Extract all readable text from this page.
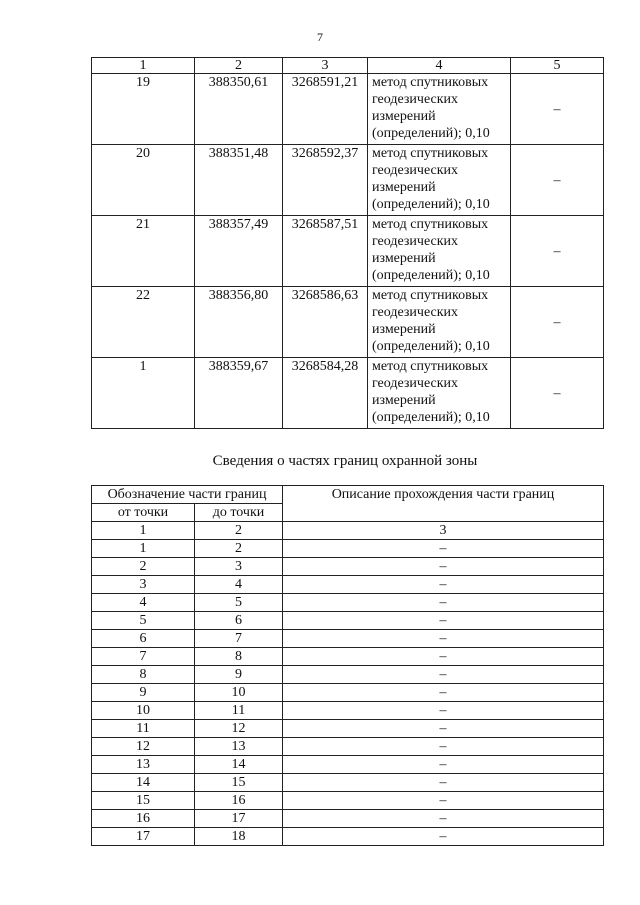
7
1	2	3	4	5
19	388350,61	3268591,21	метод спутниковых
геодезических
измерений
(определений); 0,10	–
20	388351,48	3268592,37	метод спутниковых
геодезических
измерений
(определений); 0,10	–
21	388357,49	3268587,51	метод спутниковых
геодезических
измерений
(определений); 0,10	–
22	388356,80	3268586,63	метод спутниковых
геодезических
измерений
(определений); 0,10	–
1	388359,67	3268584,28	метод спутниковых
геодезических
измерений
(определений); 0,10	–
Сведения о частях границ охранной зоны
Обозначение части границ		Описание прохождения части границ
от точки	до точки	
1	2	3
1	2	–
2	3	–
3	4	–
4	5	–
5	6	–
6	7	–
7	8	–
8	9	–
9	10	–
10	11	–
11	12	–
12	13	–
13	14	–
14	15	–
15	16	–
16	17	–
17	18	–
